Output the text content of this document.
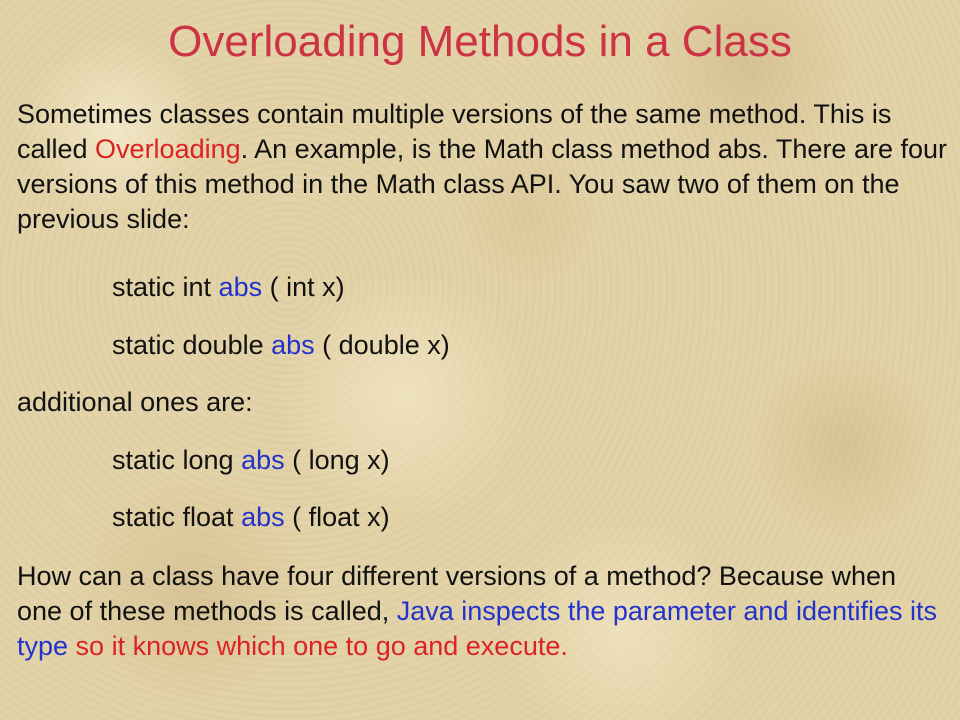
Overloading Methods in a Class

Sometimes classes contain multiple versions of the same method. This is called Overloading. An example, is the Math class method abs. There are four versions of this method in the Math class API. You saw two of them on the previous slide:

static int abs ( int x)

static double abs ( double x)

additional ones are:

static long abs ( long x)

static float abs ( float x)

How can a class have four different versions of a method? Because when one of these methods is called, Java inspects the parameter and identifies its type so it knows which one to go and execute.
